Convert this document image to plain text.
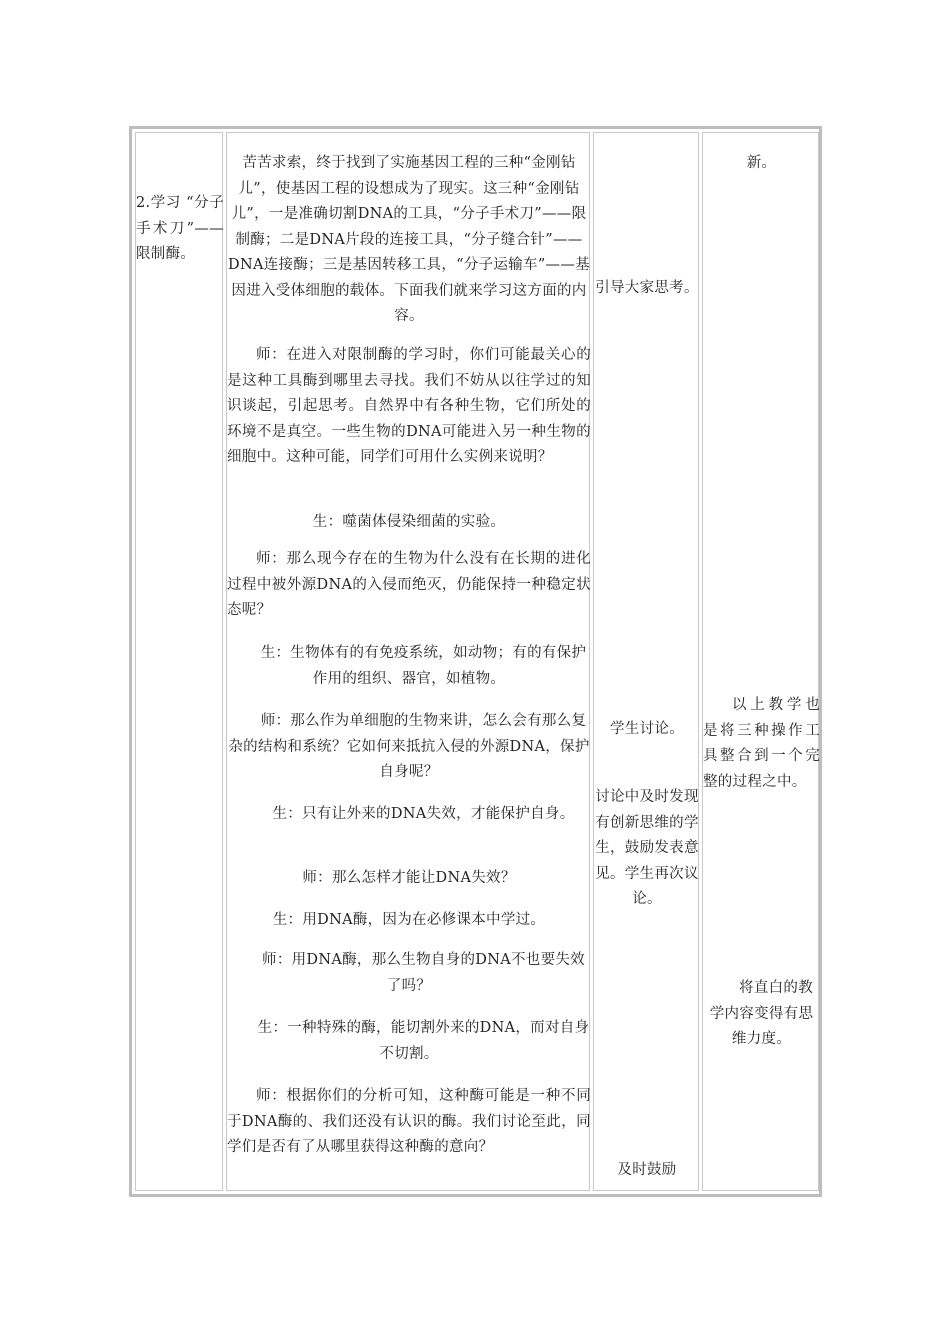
2.学习 “分子手术刀”——限制酶。
苦苦求索，终于找到了实施基因工程的三种“金刚钻儿”，使基因工程的设想成为了现实。这三种“金刚钻儿”，一是准确切割DNA的工具，“分子手术刀”——限制酶；二是DNA片段的连接工具，“分子缝合针”——DNA连接酶；三是基因转移工具，“分子运输车”——基因进入受体细胞的载体。下面我们就来学习这方面的内容。
师：在进入对限制酶的学习时，你们可能最关心的是这种工具酶到哪里去寻找。我们不妨从以往学过的知识谈起，引起思考。自然界中有各种生物，它们所处的环境不是真空。一些生物的DNA可能进入另一种生物的细胞中。这种可能，同学们可用什么实例来说明？
生：噬菌体侵染细菌的实验。
师：那么现今存在的生物为什么没有在长期的进化过程中被外源DNA的入侵而绝灭，仍能保持一种稳定状态呢？
生：生物体有的有免疫系统，如动物；有的有保护作用的组织、器官，如植物。
师：那么作为单细胞的生物来讲，怎么会有那么复杂的结构和系统？它如何来抵抗入侵的外源DNA，保护自身呢？
生：只有让外来的DNA失效，才能保护自身。
师：那么怎样才能让DNA失效？
生：用DNA酶，因为在必修课本中学过。
师：用DNA酶，那么生物自身的DNA不也要失效了吗？
生：一种特殊的酶，能切割外来的DNA，而对自身不切割。
师：根据你们的分析可知，这种酶可能是一种不同于DNA酶的、我们还没有认识的酶。我们讨论至此，同学们是否有了从哪里获得这种酶的意向？
引导大家思考。
学生讨论。
讨论中及时发现有创新思维的学生，鼓励发表意见。学生再次议论。
及时鼓励
新。
以上教学也是将三种操作工具整合到一个完整的过程之中。
将直白的教学内容变得有思维力度。
